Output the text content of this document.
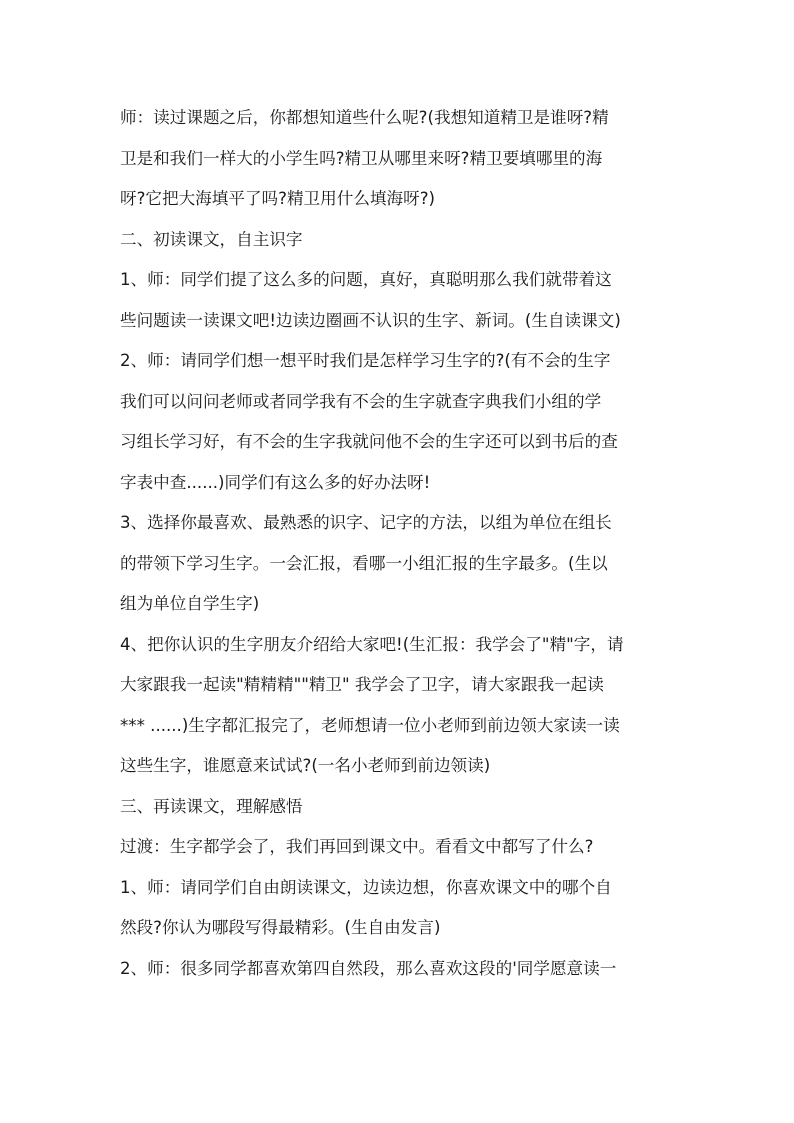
师：读过课题之后，你都想知道些什么呢?(我想知道精卫是谁呀?精
卫是和我们一样大的小学生吗?精卫从哪里来呀?精卫要填哪里的海
呀?它把大海填平了吗?精卫用什么填海呀?)
二、初读课文，自主识字
1、师：同学们提了这么多的问题，真好，真聪明那么我们就带着这
些问题读一读课文吧!边读边圈画不认识的生字、新词。(生自读课文)
2、师：请同学们想一想平时我们是怎样学习生字的?(有不会的生字
我们可以问问老师或者同学我有不会的生字就查字典我们小组的学
习组长学习好，有不会的生字我就问他不会的生字还可以到书后的查
字表中查......)同学们有这么多的好办法呀!
3、选择你最喜欢、最熟悉的识字、记字的方法，以组为单位在组长
的带领下学习生字。一会汇报，看哪一小组汇报的生字最多。(生以
组为单位自学生字)
4、把你认识的生字朋友介绍给大家吧!(生汇报：我学会了"精"字，请
大家跟我一起读"精精精""精卫" 我学会了卫字，请大家跟我一起读
*** ......)生字都汇报完了，老师想请一位小老师到前边领大家读一读
这些生字，谁愿意来试试?(一名小老师到前边领读)
三、再读课文，理解感悟
过渡：生字都学会了，我们再回到课文中。看看文中都写了什么?
1、师：请同学们自由朗读课文，边读边想，你喜欢课文中的哪个自
然段?你认为哪段写得最精彩。(生自由发言)
2、师：很多同学都喜欢第四自然段，那么喜欢这段的'同学愿意读一
